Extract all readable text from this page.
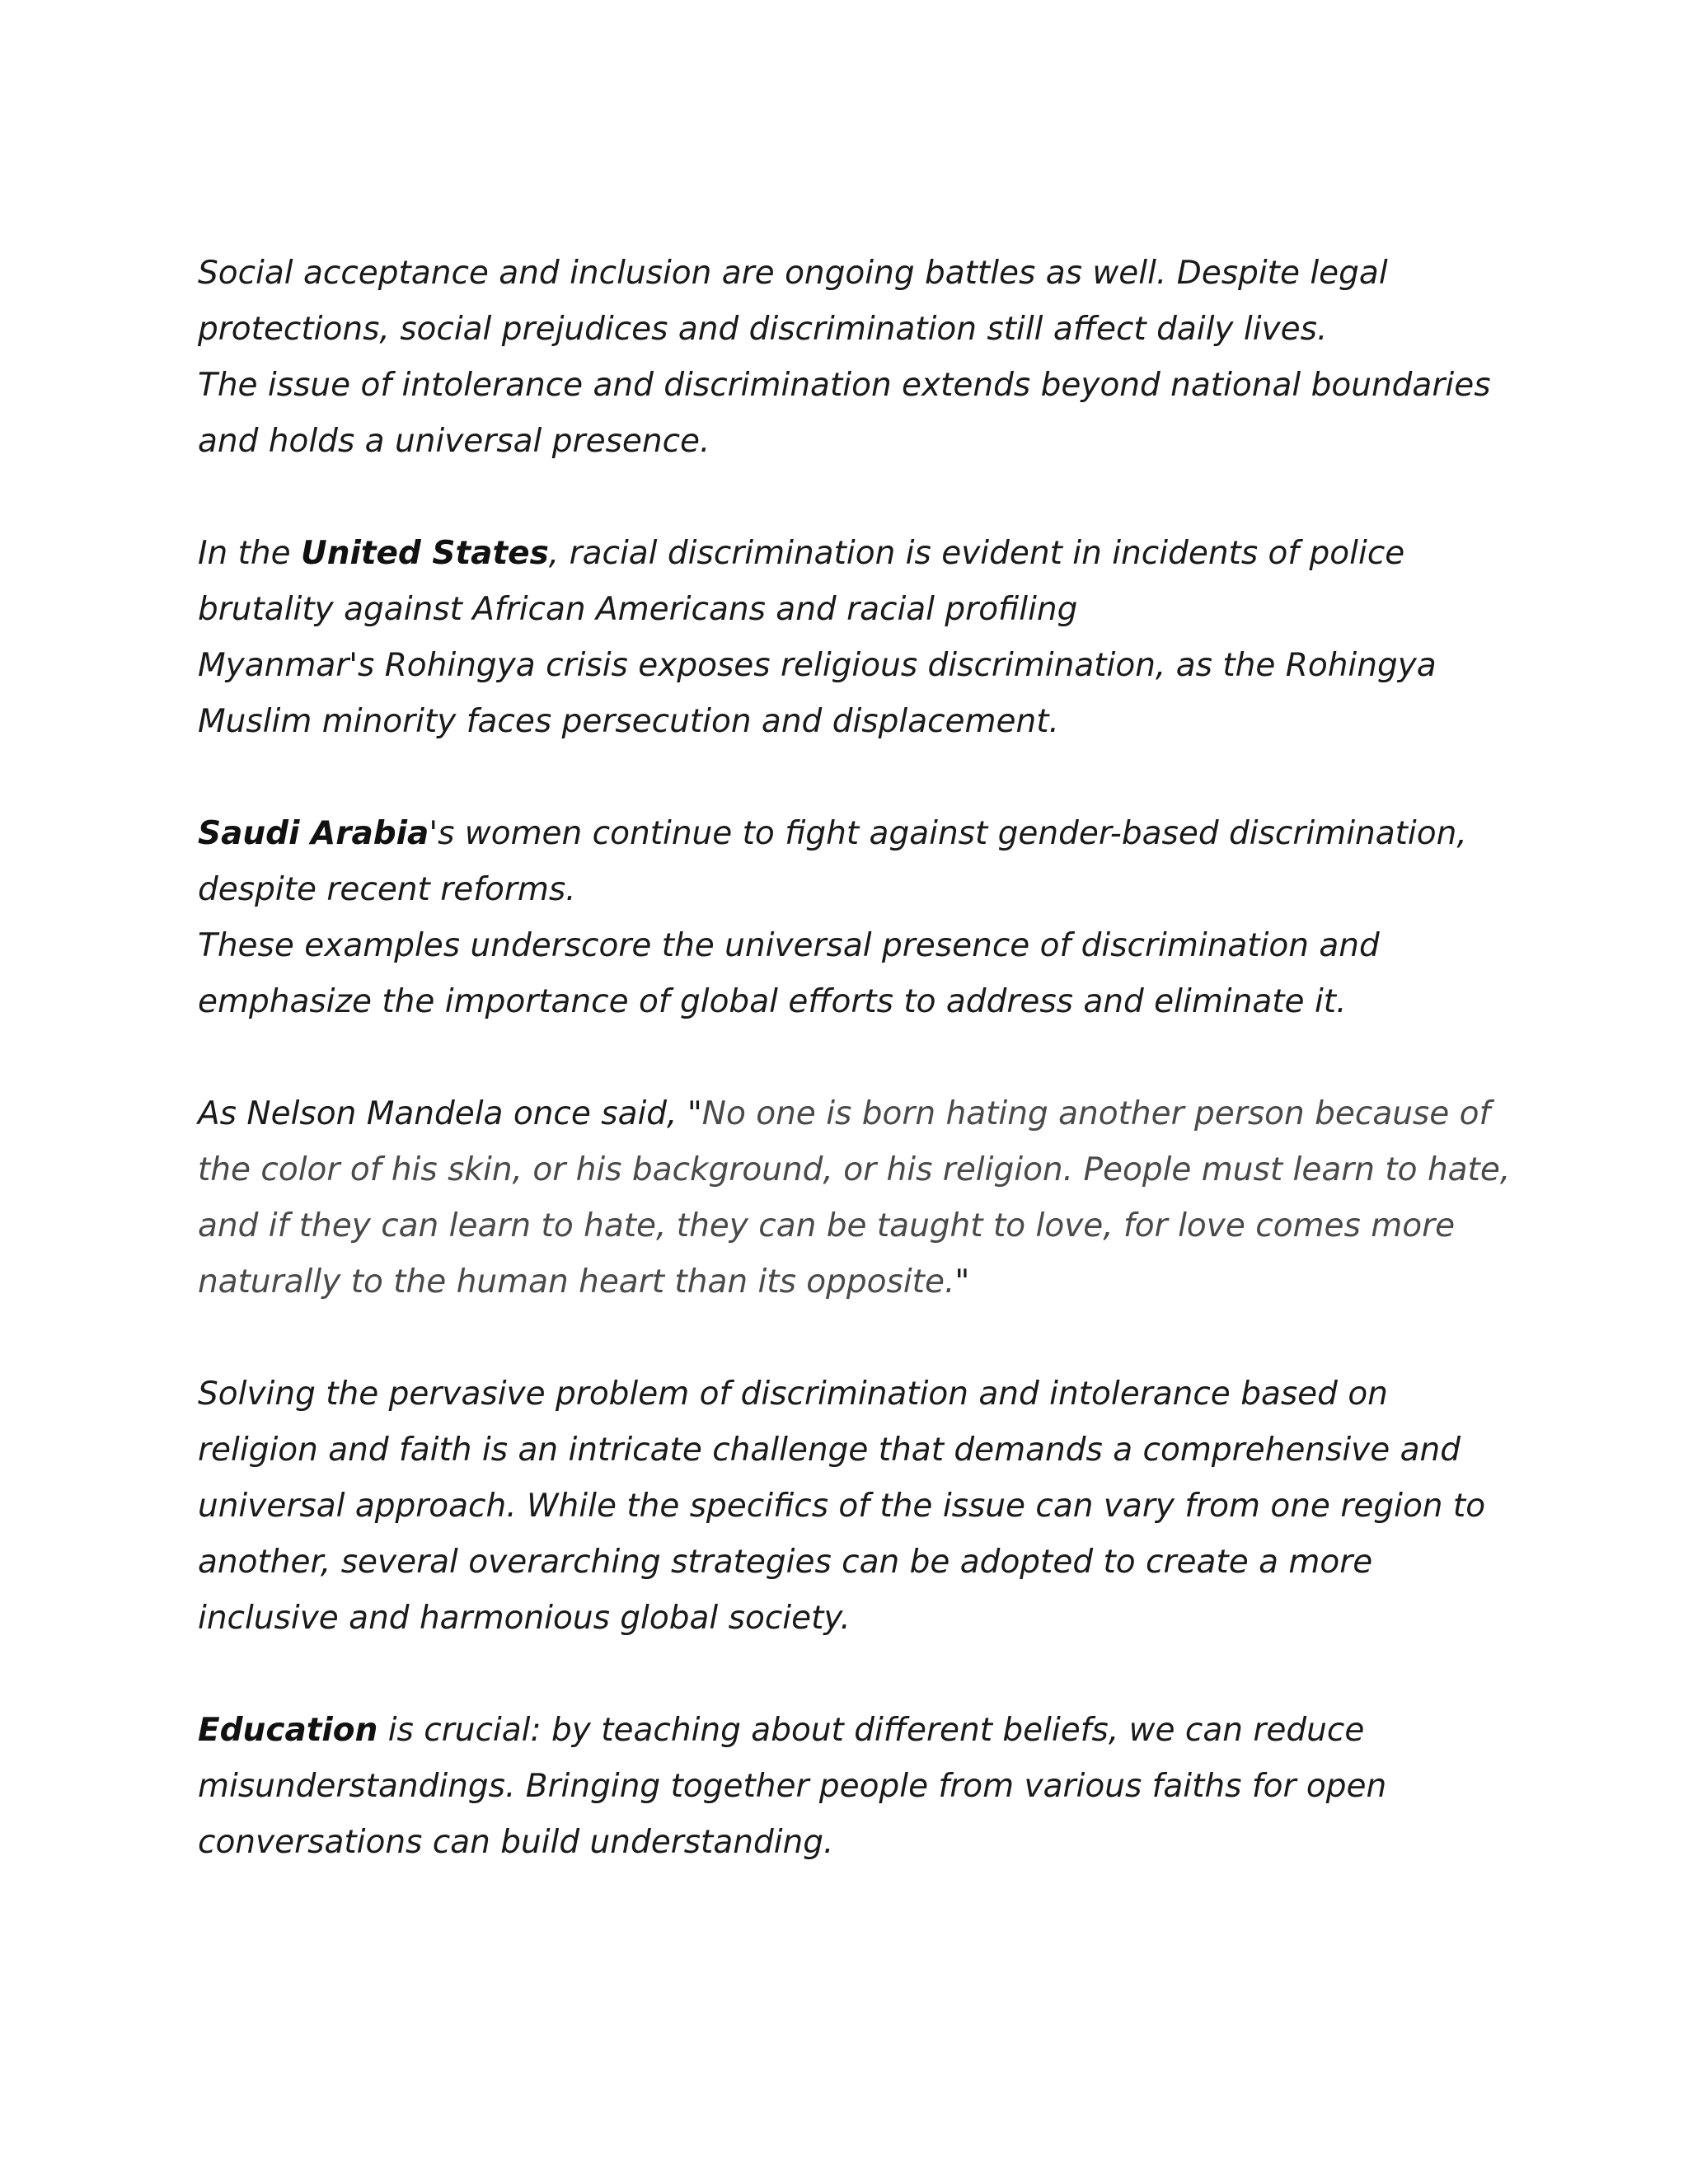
Social acceptance and inclusion are ongoing battles as well. Despite legal
protections, social prejudices and discrimination still affect daily lives.
The issue of intolerance and discrimination extends beyond national boundaries
and holds a universal presence.
In the United States, racial discrimination is evident in incidents of police
brutality against African Americans and racial profiling
Myanmar's Rohingya crisis exposes religious discrimination, as the Rohingya
Muslim minority faces persecution and displacement.
Saudi Arabia's women continue to fight against gender-based discrimination,
despite recent reforms.
These examples underscore the universal presence of discrimination and
emphasize the importance of global efforts to address and eliminate it.
As Nelson Mandela once said, "No one is born hating another person because of
the color of his skin, or his background, or his religion. People must learn to hate,
and if they can learn to hate, they can be taught to love, for love comes more
naturally to the human heart than its opposite."
Solving the pervasive problem of discrimination and intolerance based on
religion and faith is an intricate challenge that demands a comprehensive and
universal approach. While the specifics of the issue can vary from one region to
another, several overarching strategies can be adopted to create a more
inclusive and harmonious global society.
Education is crucial: by teaching about different beliefs, we can reduce
misunderstandings. Bringing together people from various faiths for open
conversations can build understanding.
